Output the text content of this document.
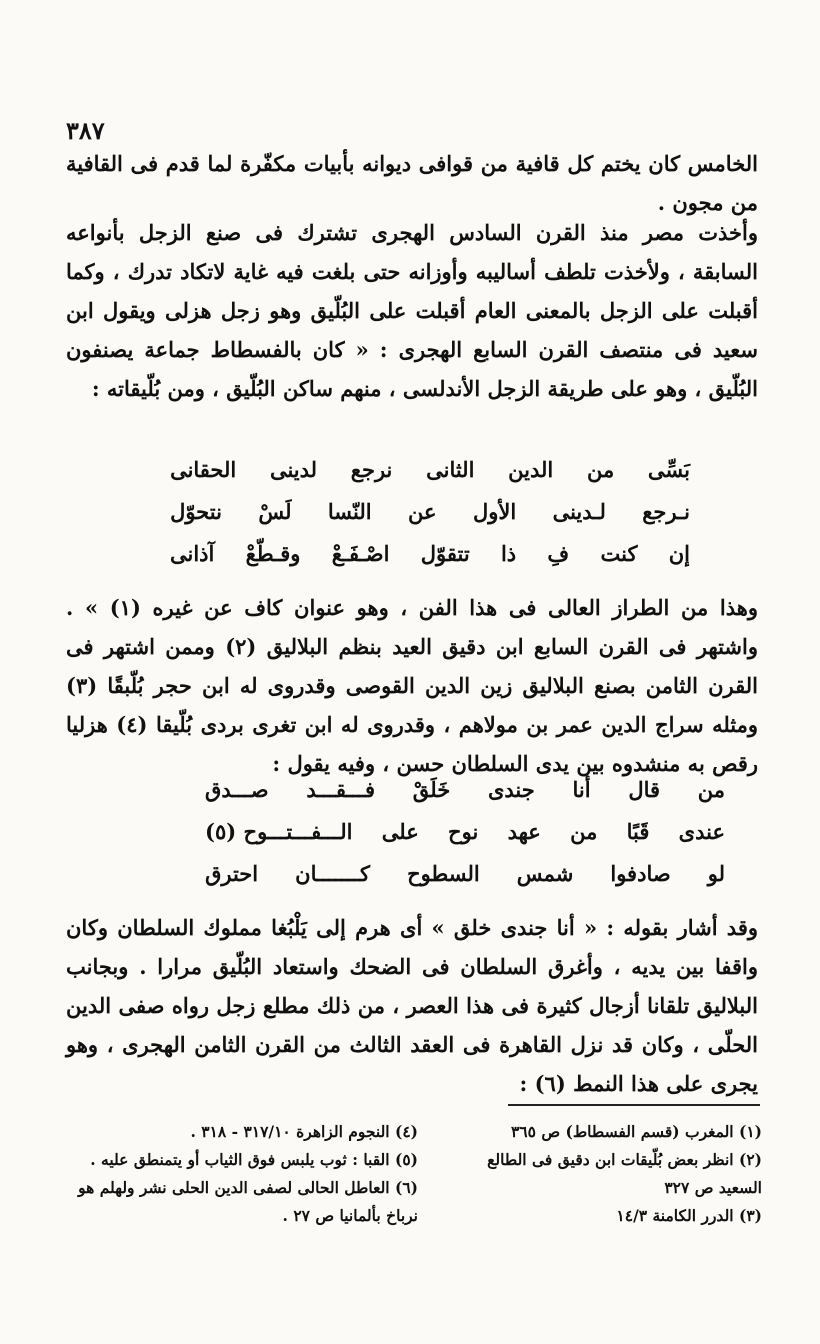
٣٨٧

الخامس كان يختم كل قافية من قوافى ديوانه بأبيات مكفّرة لما قدم فى القافية من مجون .

وأخذت مصر منذ القرن السادس الهجرى تشترك فى صنع الزجل بأنواعه السابقة ، ولأخذت تلطف أساليبه وأوزانه حتى بلغت فيه غاية لاتكاد تدرك ، وكما أقبلت على الزجل بالمعنى العام أقبلت على البُلّيق وهو زجل هزلى ويقول ابن سعيد فى منتصف القرن السابع الهجرى : « كان بالفسطاط جماعة يصنفون البُلّيق ، وهو على طريقة الزجل الأندلسى ، منهم ساكن البُلّيق ، ومن بُلّيقاته :

بَسِّى
من
الدين
الثانى
نرجع
لدينى
الحقانى
نـرجع
لـدينى
الأول
عن
النّسا
لَسْ
نتحوّل
إن
كنت
فِ
ذا
تتقوّل
اصْـفَـعْ
وقـطّعْ
آذانى

وهذا من الطراز العالى فى هذا الفن ، وهو عنوان كاف عن غيره (١) » . واشتهر فى القرن السابع ابن دقيق العيد بنظم البلاليق (٢) وممن اشتهر فى القرن الثامن بصنع البلاليق زين الدين القوصى وقدروى له ابن حجر بُلّبقًا (٣) ومثله سراج الدين عمر بن مولاهم ، وقدروى له ابن تغرى بردى بُلّيقا (٤) هزليا رقص به منشدوه بين يدى السلطان حسن ، وفيه يقول :

من
قال
أنا
جندى
خَلَقْ
فـــقـــد
صـــدق
عندى
قَبًا
من
عهد
نوح
على
الـــفـــتـــوح (٥)
لو
صادفوا
شمس
السطوح
كـــــــان
احترق

وقد أشار بقوله : « أنا جندى خلق » أى هرم إلى يَلْبُغا مملوك السلطان وكان واقفا بين يديه ، وأغرق السلطان فى الضحك واستعاد البُلّيق مرارا . وبجانب البلاليق تلقانا أزجال كثيرة فى هذا العصر ، من ذلك مطلع زجل رواه صفى الدين الحلّى ، وكان قد نزل القاهرة فى العقد الثالث من القرن الثامن الهجرى ، وهو يجرى على هذا النمط (٦) :

(١) المغرب (قسم الفسطاط) ص ٣٦٥

(٢) انظر بعض بُلّيقات ابن دقيق فى الطالع السعيد ص ٣٢٧

(٣) الدرر الكامنة ١٤/٣

(٤) النجوم الزاهرة ٣١٧/١٠ - ٣١٨ .

(٥) القبا : ثوب يلبس فوق الثياب أو يتمنطق عليه .

(٦) العاطل الحالى لصفى الدين الحلى نشر ولهلم هو نرباخ بألمانيا ص ٢٧ .
